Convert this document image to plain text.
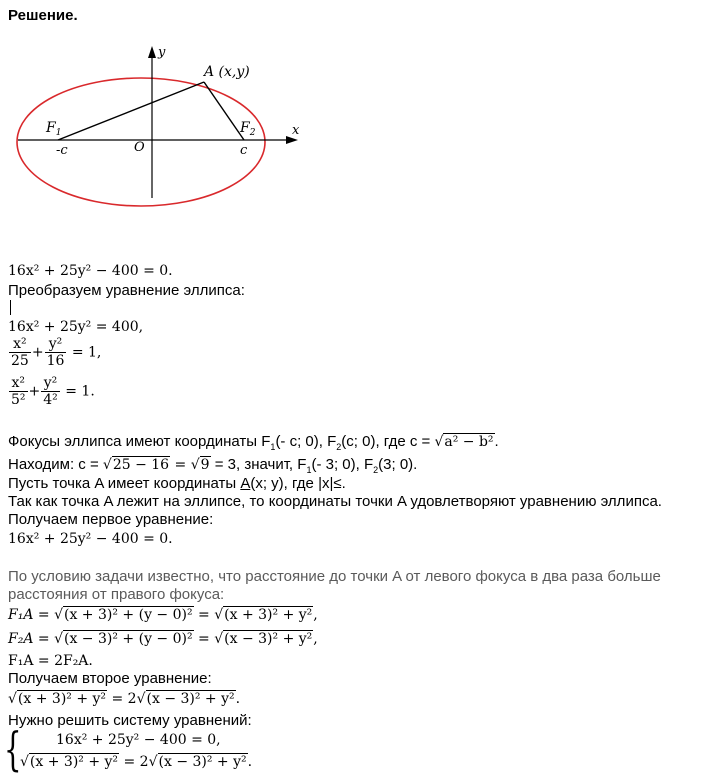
Решение.
y
x
A (x,y)
$F_1$	$F_2$
-c	O	c
16x² + 25y² − 400 = 0.
Преобразуем уравнение эллипса:
16x² + 25y² = 400,
$\frac{\text{x²}}{25} + \frac{\text{y²}}{16} = 1$,
$\frac{\text{x²}}{\text{5²}} + \frac{\text{y²}}{\text{4²}} = 1$.
Фокусы эллипса имеют координаты $F_1(-$ c; 0), $F_2(c$; 0), где c = √a² − b².
Находим: c = √25 − 16 = √9 = 3, значит, $F_1(-$ 3; 0), $F_2(3$; 0).
Пусть точка A имеет координаты A(x; y), где |x|≤.
Так как точка A лежит на эллипсе, то координаты точки A удовлетворяют уравнению эллипса.
Получаем первое уравнение:
16x² + 25y² − 400 = 0.
По условию задачи известно, что расстояние до точки A от левого фокуса в два раза больше
расстояния от правого фокуса:
F₁A = √(x + 3)² + (y − 0)² = √(x + 3)² + y²,
F₂A = √(x − 3)² + (y − 0)² = √(x − 3)² + y²,
F₁A = 2F₂A.
Получаем второе уравнение:
√(x + 3)² + y² = 2√(x − 3)² + y².
Нужно решить систему уравнений:
{ 16x² + 25y² − 400 = 0,
√(x + 3)² + y² = 2√(x − 3)² + y².
